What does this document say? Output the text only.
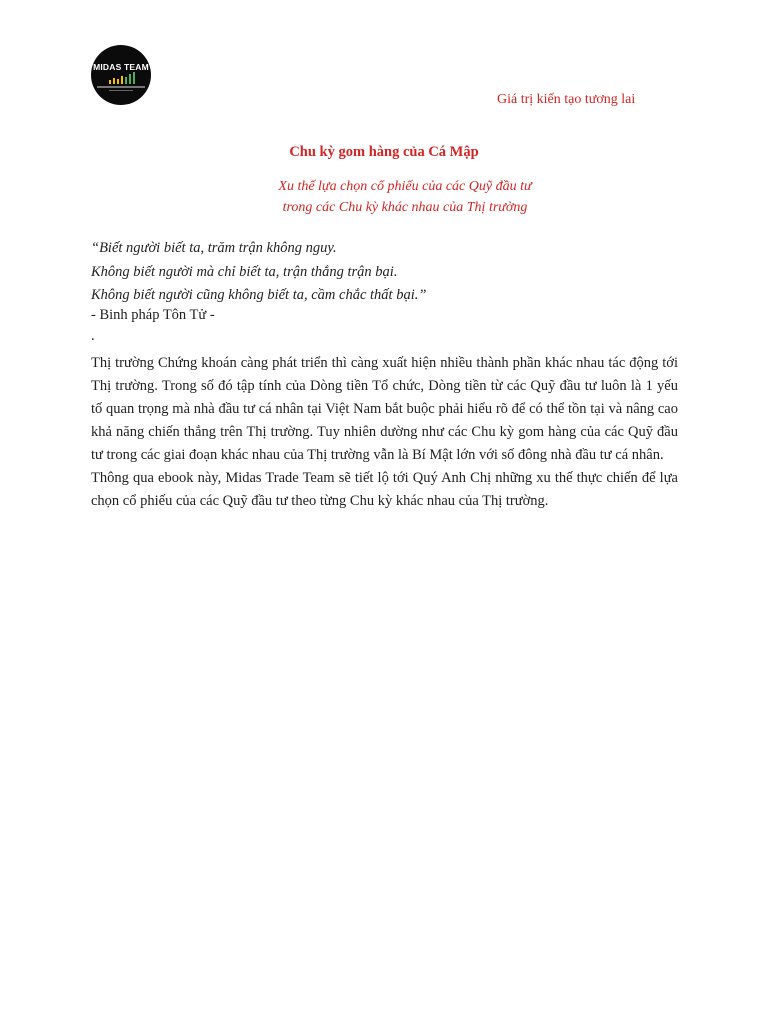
MIDAS TEAM
Giá trị kiến tạo tương lai
Chu kỳ gom hàng của Cá Mập
Xu thế lựa chọn cổ phiếu của các Quỹ đầu tư
trong các Chu kỳ khác nhau của Thị trường
“Biết người biết ta, trăm trận không nguy.
Không biết người mà chỉ biết ta, trận thắng trận bại.
Không biết người cũng không biết ta, cầm chắc thất bại.”
- Binh pháp Tôn Tử -
.

Thị trường Chứng khoán càng phát triển thì càng xuất hiện nhiều thành phần khác nhau tác động tới Thị trường. Trong số đó tập tính của Dòng tiền Tổ chức, Dòng tiền từ các Quỹ đầu tư luôn là 1 yếu tố quan trọng mà nhà đầu tư cá nhân tại Việt Nam bắt buộc phải hiểu rõ để có thể tồn tại và nâng cao khả năng chiến thắng trên Thị trường. Tuy nhiên dường như các Chu kỳ gom hàng của các Quỹ đầu tư trong các giai đoạn khác nhau của Thị trường vẫn là Bí Mật lớn với số đông nhà đầu tư cá nhân.

Thông qua ebook này, Midas Trade Team sẽ tiết lộ tới Quý Anh Chị những xu thế thực chiến để lựa chọn cổ phiếu của các Quỹ đầu tư theo từng Chu kỳ khác nhau của Thị trường.
